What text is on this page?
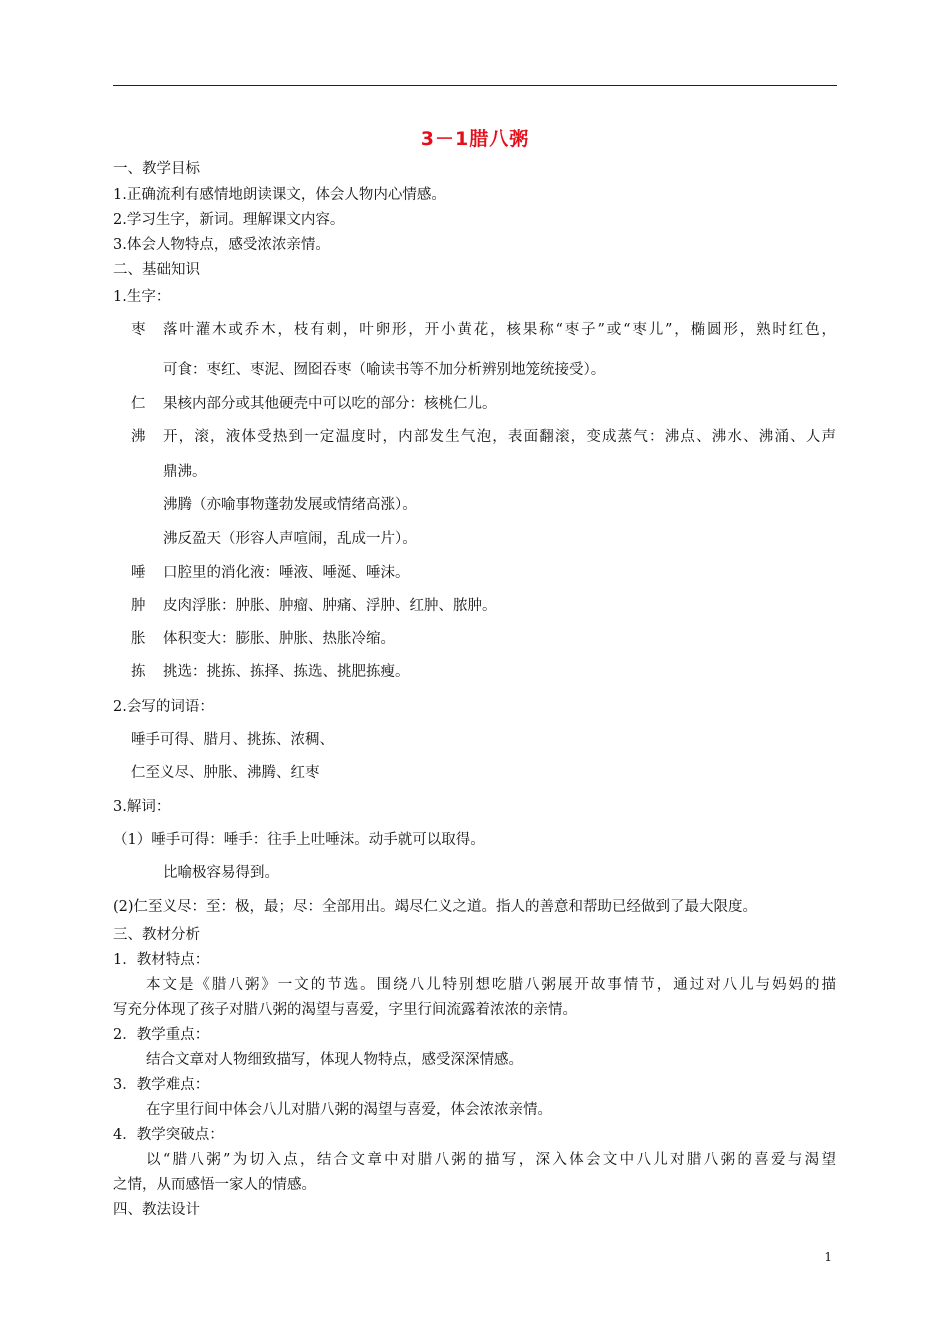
3－1腊八粥
一、教学目标
1.正确流利有感情地朗读课文，体会人物内心情感。
2.学习生字，新词。理解课文内容。
3.体会人物特点，感受浓浓亲情。
二、基础知识
1.生字：
枣 落叶灌木或乔木，枝有刺，叶卵形，开小黄花，核果称“枣子”或“枣儿”，椭圆形，熟时红色，
可食：枣红、枣泥、囫囵吞枣（喻读书等不加分析辨别地笼统接受）。
仁 果核内部分或其他硬壳中可以吃的部分：核桃仁儿。
沸 开，滚，液体受热到一定温度时，内部发生气泡，表面翻滚，变成蒸气：沸点、沸水、沸涌、人声
鼎沸。
沸腾（亦喻事物蓬勃发展或情绪高涨）。
沸反盈天（形容人声喧闹，乱成一片）。
唾 口腔里的消化液：唾液、唾涎、唾沫。
肿 皮肉浮胀：肿胀、肿瘤、肿痛、浮肿、红肿、脓肿。
胀 体积变大：膨胀、肿胀、热胀冷缩。
拣 挑选：挑拣、拣择、拣选、挑肥拣瘦。
2.会写的词语：
唾手可得、腊月、挑拣、浓稠、
仁至义尽、肿胀、沸腾、红枣
3.解词：
（1）唾手可得：唾手：往手上吐唾沫。动手就可以取得。
比喻极容易得到。
(2)仁至义尽：至：极，最；尽：全部用出。竭尽仁义之道。指人的善意和帮助已经做到了最大限度。
三、教材分析
1．教材特点：
本文是《腊八粥》一文的节选。围绕八儿特别想吃腊八粥展开故事情节，通过对八儿与妈妈的描
写充分体现了孩子对腊八粥的渴望与喜爱，字里行间流露着浓浓的亲情。
2．教学重点：
结合文章对人物细致描写，体现人物特点，感受深深情感。
3．教学难点：
在字里行间中体会八儿对腊八粥的渴望与喜爱，体会浓浓亲情。
4．教学突破点：
以“腊八粥”为切入点，结合文章中对腊八粥的描写，深入体会文中八儿对腊八粥的喜爱与渴望
之情，从而感悟一家人的情感。
四、教法设计
1
